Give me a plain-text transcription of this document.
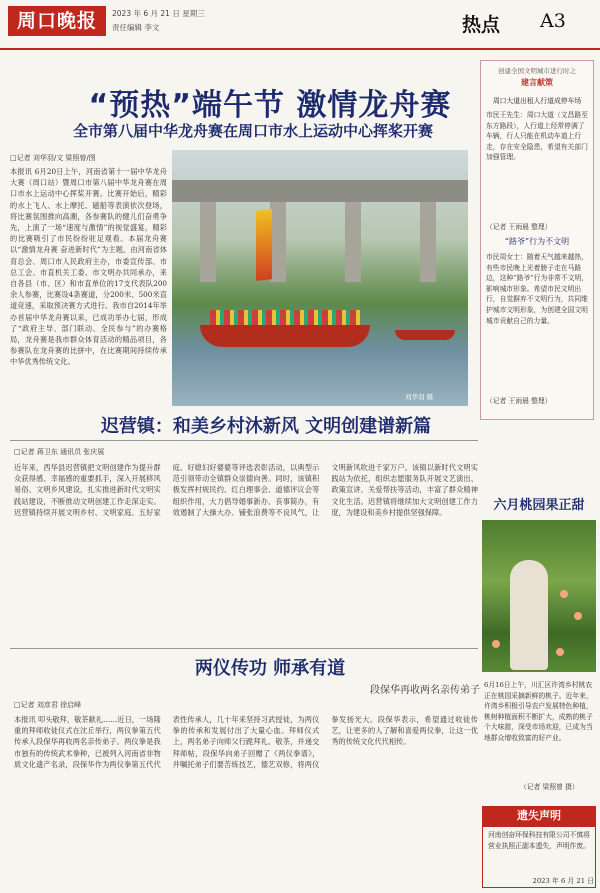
周口晚报	2023 年 6 月 21 日 星期三
责任编辑 李文	热点 A3
“预热”端午节 激情龙舟赛
全市第八届中华龙舟赛在周口市水上运动中心挥桨开赛
□记者 刘华羽/文 梁照曾/图
本报讯 6月20日上午，河南省第十一届中华龙舟大赛（周口站）暨周口市第八届中华龙舟赛在周口市水上运动中心挥桨开赛。比赛开始后，精彩的水上飞人、水上摩托、磁船等表演依次登场，将比赛氛围推向高潮，各参赛队的健儿们奋勇争先，上演了一场“速度与激情”的视觉盛宴，精彩的比赛吸引了市民纷纷驻足观看。本届龙舟赛以“激情龙舟赛 奋进新时代”为主题，由河南省体育总会、周口市人民政府主办，市委宣传部、市总工会、市直机关工委、市文明办共同承办，来自各县（市、区）和市直单位的17支代表队200余人参赛，比赛设4条赛道，分200米、500米直道竞速，采取预决赛方式进行。我市自2014年举办首届中华龙舟赛以来，已成功举办七届，形成了“政府主导、部门联动、全民参与”的办赛格局，龙舟赛是我市群众体育活动的精品项目，各参赛队在龙舟赛的比拼中，在比赛期间持续传承中华优秀传统文化。
刘华羽 摄
创建全国文明城市进行时之
建言献策
周口大道出租人行道成停车场
市民王先生：周口大道（文昌路至东方路段），人行道上经常停满了车辆，行人只能在机动车道上行走，存在安全隐患，希望有关部门加强管理。
（记者 王雨晨 整理）
“路爷”行为不文明
市民周女士：随着天气越来越热，有些市民晚上光着膀子走在马路边，这种“路爷”行为非常不文明，影响城市形象。希望市民文明出行，自觉摒弃不文明行为，共同维护城市文明形象，为创建全国文明城市贡献自己的力量。
（记者 王雨晨 整理）
迟营镇：和美乡村沐新风 文明创建谱新篇
□记者 蒋卫东 通讯员 张庆展
近年来，西华县迟营镇把文明创建作为提升群众获得感、幸福感的重要抓手，深入开展移风易俗、文明乡风建设，扎实推进新时代文明实践站建设，不断推动文明创建工作走深走实。迟营镇持续开展文明乡村、文明家庭、五好家庭、好媳妇好婆婆等评选表彰活动，以典型示范引领带动全镇群众崇德向善。同时，该镇积极发挥村规民约、红白理事会、道德评议会等组织作用，大力倡导婚事新办、丧事简办，有效遏制了大操大办、铺张浪费等不良风气，让文明新风吹进千家万户。该镇以新时代文明实践站为依托，组织志愿服务队开展文艺演出、政策宣讲、关爱帮扶等活动，丰富了群众精神文化生活。迟营镇将继续加大文明创建工作力度，为建设和美乡村提供坚强保障。
两仪传功 师承有道
段保华再收两名亲传弟子
□记者 刘彦君 徐启峰
本报讯 叩头敬拜，敬茶献礼……近日，一场隆重的拜师收徒仪式在沈丘举行，两仪拳第五代传承人段保华再收两名亲传弟子。两仪拳是我市独有的传统武术拳种，已被列入河南省非物质文化遗产名录，段保华作为两仪拳第五代代表性传承人，几十年来坚持习武授徒，为两仪拳的传承和发展付出了大量心血。拜师仪式上，两名弟子向师父行跪拜礼、敬茶，并递交拜师帖，段保华向弟子回赠了《两仪拳谱》，并嘱托弟子们要苦练技艺，德艺双修，将两仪拳发扬光大。段保华表示，希望通过收徒传艺，让更多的人了解和喜爱两仪拳，让这一优秀的传统文化代代相传。
六月桃园果正甜
6月16日上午，川汇区许湾乡村桃农正在桃园采摘新鲜的桃子。近年来，许湾乡积极引导农户发展特色种植，桃树种植面积不断扩大，成熟的桃子个大味甜，深受市场欢迎，已成为当地群众增收致富的好产业。
（记者 梁照曾 摄）
遗失声明
河南创奋环保科技有限公司不慎将营业执照正副本遗失，声明作废。
2023 年 6 月 21 日
